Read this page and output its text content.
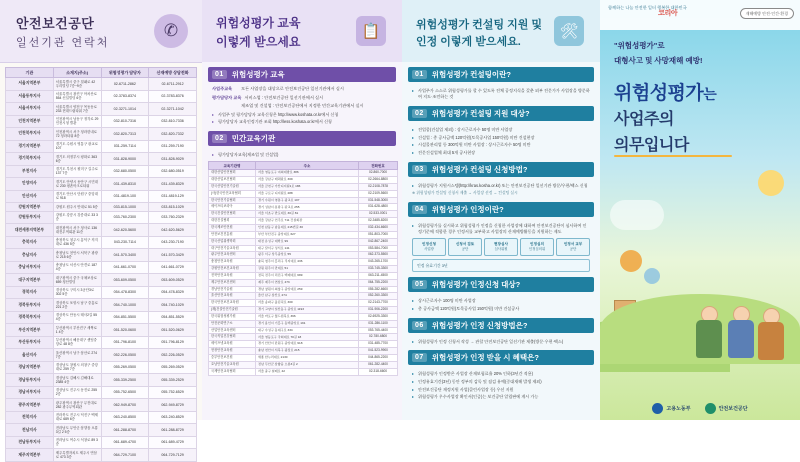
안전보건공단
일선기관 연락처
✆
기관	소재지(주소)	위험성평가 담당자	산재예방 상담전화
서울지역본부	서울특별시 중구 칠패로 42 우리빌딩 7층~9층	02-6711-2862	02-6711-2912
서울동부지사	서울특별시 광진구 아차산로 554 신일빌딩 6층	02-3783-8374	02-3783-8376
서울서부지사	서울특별시 양천구 목동동로 233 현대드림타워 7층	02-3271-1014	02-3271-1042
인천지역본부	인천광역시 남동구 정각로 29 인천시청 별관	032-810-7316	032-810-7336
인천북부지사	인천광역시 서구 청라한내로 72 청라타워 8층	032-820-7313	032-820-7332
경기지역본부	경기도 수원시 영통구 광교로 107	031-259-7114	031-259-7190
경기북부지사	경기도 의정부시 평화로 363 6층	031-828-9000	031-828-9029
부천지사	경기도 부천시 원미구 길주로 137 7층	032-680-0500	032-680-0519
안양지사	경기도 안양시 동안구 시민대로 230 평촌아크로타워	031-439-8310	031-439-8329
안산지사	경기도 안산시 단원구 중앙대로 918	031-4819-100	031-4819-129
강원지역본부	강원도 원주시 만대로 51 5층	033-815-1000	033-815-1029
강원동부지사	강원도 강릉시 강릉대로 33 3층	033-760-2300	033-760-2329
대전세종지역본부	대전광역시 서구 청사로 136 대전무역회관 11층	042-620-5600	042-620-5629
충북지사	충청북도 청주시 흥덕구 직지대로 436 5층	043-230-7114	043-230-7190
충남지사	충청남도 천안시 서북구 광장로 215 6층	041-570-3400	041-570-3429
충남서부지사	충청남도 서산시 안견로 187 4층	041-661-0700	041-661-0729
대구지역본부	대구광역시 중구 국채보상로 659 청산빌딩	053-609-0500	053-609-0529
경북지사	경상북도 구미시 3공단3로 302 5층	054-478-8300	054-478-8329
경북동부지사	경상북도 포항시 남구 중흥로 221 2층	054-740-1000	054-740-1029
경북북부지사	경상북도 안동시 태사2길 55 4층	054-851-5500	054-851-5529
부산지역본부	부산광역시 부산진구 새싹로 1 4층	051-520-0600	051-520-0629
부산동부지사	부산광역시 해운대구 센텀중앙로 48 8층	051-796-8100	051-796-8129
울산지사	울산광역시 남구 삼산로 274 7층	052-226-0500	052-226-0529
경남지역본부	경상남도 창원시 의창구 중앙대로 259 7층	055-269-0500	055-269-0529
경남동부지사	경상남도 김해시 김해대로 2385 4층	055-339-2500	055-339-2529
경남서부지사	경상남도 진주시 동진로 255 2층	055-752-6500	055-752-6529
광주지역본부	광주광역시 광산구 무진대로 282 광주무역회관	062-949-8700	062-949-8729
전북지사	전라북도 전주시 덕진구 백제대로 689 6층	063-240-8500	063-240-8529
전남지사	전라남도 무안군 삼향읍 오룡3길 2 5층	061-288-8700	061-288-8729
전남동부지사	전라남도 여수시 석창로 89 3층	061-689-4700	061-689-4729
제주지역본부	제주특별자치도 제주시 연삼로 473 3층	064-729-7100	064-729-7129
위험성평가 교육
이렇게 받으세요
📋
01	위험성평가 교육
사업주교육	모든 사업장을 대상으로 안전보건공단 일선기관에서 실시
평가담당자 교육 서비스업 : 안전보건공단 일선기관에서 실시
제조업 및 건설업 : 안전보건공단에서 지정한 민간교육기관에서 실시
▸ 사업주 및 평가담당자 교육신청은 http://www.koshata.or.kr에서 신청
▸ 평가담당자 교육인정기관 조회 http://less.koshata.or.kr에서 신청
02	민간교육기관
▸ 평가담당자교육(제조업 및 건설업)
교육기관명	주소	전화번호
대한산업안전협회	서울 영등포구 여의대방로 386	02-860-7000
대한산업보건협회	서울 강남구 테헤란로 309	02-2664-8800
한국산업안전기술원	서울 금천구 가산디지털1로 186	02-2108-7878
(사)한국안전교육협회	서울 구로구 디지털로 288	02-2109-5600
한국안전기술협회	경기 수원시 영통구 광교로 107	031-548-3000
세이프티코리아	경기 성남시 분당구 판교로 255	031-628-4800
한국건설안전협회	서울 서초구 반포대로 30길 81	02-533-0001
대한건설협회	서울 강남구 언주로 711 건설회관	02-3485-8200
한국제조안전원	인천 남동구 남동대로 215번길 30	032-434-6600
안전보건진흥원	부산 부산진구 중앙대로 627	051-803-7000
한국산업위생학회	대전 유성구 대학로 99	042-867-2400
대구안전기술교육원	대구 달서구 성서로 141	053-584-7000
광주안전교육센터	광주 서구 상무중앙로 55	062-373-5500
충청안전교육원	충북 청주시 흥덕구 직지대로 436	043-265-1700
강원안전보건교육원	강원 원주시 만대로 51	033-745-3300
전북안전교육원	전북 전주시 덕진구 백제대로 689	063-211-4500
제주안전보건센터	제주 제주시 연삼로 473	064-755-2200
경남안전기술원	경남 창원시 의창구 중앙대로 259	055-282-6600
울산안전교육원	울산 남구 삼산로 274	052-260-3300
한국안전보건교육원	서울 송파구 올림픽로 300	02-2143-7700
(재)건설안전기술원	경기 고양시 일산동구 중앙로 1193	031-906-2200
한국위험성평가원	서울 마포구 월드컵북로 396	02-6925-3300
안전문화연구소	경기 용인시 기흥구 동백중앙로 191	031-286-1100
산업안전교육센터	대구 수성구 동대구로 334	053-765-4400
한국직업건강협회	서울 영등포구 국회대로 70길 18	02-780-6800
세이프넷교육원	경기 안산시 단원구 중앙대로 918	031-485-7700
현장안전교육원	충남 천안시 서북구 광장로 215	041-523-9900
중부안전보건원	세종 한누리대로 2130	044-865-2200
호남안전기술교육원	전남 무안군 삼향읍 오룡3길 2	061-282-4400
국제안전교육협회	서울 중구 칠패로 42	02-318-6600
위험성평가 컨설팅 지원 및
인정 이렇게 받으세요.
🛠
01	위험성평가 컨설팅이란?
▸ 사업주가 스스로 위험성평가를 할 수 있도록 전체 공정지식을 갖춘 외부 전문가가 사업장을 방문하여 지도·조언하는 것
02	위험성평가 컨설팅 지원 대상?
▸ 전업종(건설업 제외) : 상시근로자수 50명 미만 사업장
▸ 건설업 : 총 공사금액 120억원(토목공사업 150억원) 미만 건설현장
▸ 시설물관리업 등 300억원 미만 사업장 : 상시근로자수 50명 미만
▸ 전문건설업체 최대 5개 공사현장
03	위험성평가 컨설팅 신청방법?
▸ 위험성평가 지원시스템(http://kras.kosha.or.kr) 또는 안전보건공단 일선기관 방문/우편/팩스 신청
※ 위험성평가 컨설팅 신청서 제출 → 사업장 선정 → 컨설팅 실시
04	위험성평가 인정이란?
▸ 위험성평가를 실시하고 위험성평가 인정을 신청한 사업장에 대하여 안전보건공단이 심사하여 인정기준에 적합한 경우 인정서를 교부하고 사업장의 산재예방활동을 지원하는 제도
인정신청
사업장
신청서 검토
공단
현장심사
심사위원
인정심의
인정심의위
인정서 교부
공단
인정 유효기간 3년
05	위험성평가 인정신청 대상?
▸ 상시근로자수 100명 미만 사업장
▸ 총 공사금액 120억원(토목공사업 150억원) 미만 건설공사
06	위험성평가 인정 신청방법은?
▸ 위험성평가 인정 신청서 작성 → 관할 안전보건공단 일선기관 제출(방문·우편·팩스)
07	위험성평가 인정 받을 시 혜택은?
▸ 위험성평가 인정받은 사업장 산재보험료율 20% 인하(3년간 적용)
▸ 인정유효기간(3년) 동안 정부의 감독 및 점검 유예(중대재해 발생 제외)
▸ 안전보건공단 재정지원 사업(클린사업장 등) 우선 지원
▸ 위험성평가 우수사업장 확인서(인증)는 보건공단 알림판에 게시 가능
함께하는 나눔 안전한 일터 행복한 대한민국
코리아	재해예방 안전·인간·환경
"위험성평가"로
대형사고 및 사망재해 예방!
위험성평가는
사업주의
의무입니다
고용노동부	안전보건공단
